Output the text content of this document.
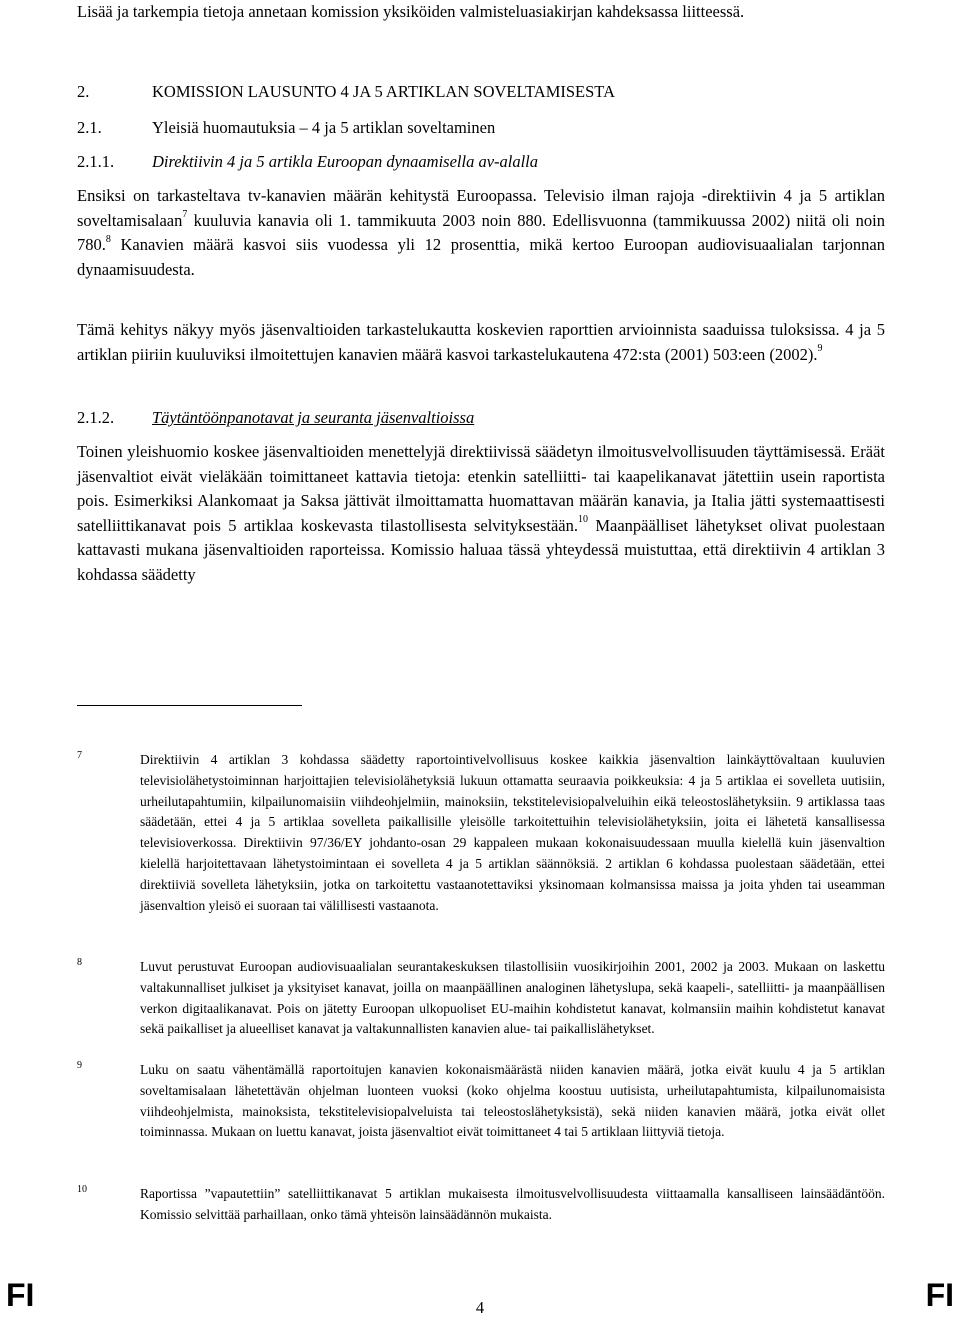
Lisää ja tarkempia tietoja annetaan komission yksiköiden valmisteluasiakirjan kahdeksassa liitteessä.
2.	KOMISSION LAUSUNTO 4 JA 5 ARTIKLAN SOVELTAMISESTA
2.1.	Yleisiä huomautuksia – 4 ja 5 artiklan soveltaminen
2.1.1. Direktiivin 4 ja 5 artikla Euroopan dynaamisella av-alalla
Ensiksi on tarkasteltava tv-kanavien määrän kehitystä Euroopassa. Televisio ilman rajoja -direktiivin 4 ja 5 artiklan soveltamisalaan$^7$ kuuluvia kanavia oli 1. tammikuuta 2003 noin 880. Edellisvuonna (tammikuussa 2002) niitä oli noin 780.$^8$ Kanavien määrä kasvoi siis vuodessa yli 12 prosenttia, mikä kertoo Euroopan audiovisuaalialan tarjonnan dynaamisuudesta.
Tämä kehitys näkyy myös jäsenvaltioiden tarkastelukautta koskevien raporttien arvioinnista saaduissa tuloksissa. 4 ja 5 artiklan piiriin kuuluviksi ilmoitettujen kanavien määrä kasvoi tarkastelukautena 472:sta (2001) 503:een (2002).$^9$
2.1.2. Täytäntöönpanotavat ja seuranta jäsenvaltioissa
Toinen yleishuomio koskee jäsenvaltioiden menettelyjä direktiivissä säädetyn ilmoitusvelvollisuuden täyttämisessä. Eräät jäsenvaltiot eivät vieläkään toimittaneet kattavia tietoja: etenkin satelliitti- tai kaapelikanavat jätettiin usein raportista pois. Esimerkiksi Alankomaat ja Saksa jättivät ilmoittamatta huomattavan määrän kanavia, ja Italia jätti systemaattisesti satelliittikanavat pois 5 artiklaa koskevasta tilastollisesta selvityksestään.$^{10}$ Maanpäälliset lähetykset olivat puolestaan kattavasti mukana jäsenvaltioiden raporteissa. Komissio haluaa tässä yhteydessä muistuttaa, että direktiivin 4 artiklan 3 kohdassa säädetty
7	Direktiivin 4 artiklan 3 kohdassa säädetty raportointivelvollisuus koskee kaikkia jäsenvaltion lainkäyttövaltaan kuuluvien televisiolähetystoiminnan harjoittajien televisiolähetyksiä lukuun ottamatta seuraavia poikkeuksia: 4 ja 5 artiklaa ei sovelleta uutisiin, urheilutapahtumiin, kilpailunomaisiin viihdeohjelmiin, mainoksiin, tekstitelevisiopalveluihin eikä teleostoslähetyksiin. 9 artiklassa taas säädetään, ettei 4 ja 5 artiklaa sovelleta paikallisille yleisölle tarkoitettuihin televisiolähetyksiin, joita ei lähetetä kansallisessa televisioverkossa. Direktiivin 97/36/EY johdanto-osan 29 kappaleen mukaan kokonaisuudessaan muulla kielellä kuin jäsenvaltion kielellä harjoitettavaan lähetystoimintaan ei sovelleta 4 ja 5 artiklan säännöksiä. 2 artiklan 6 kohdassa puolestaan säädetään, ettei direktiiviä sovelleta lähetyksiin, jotka on tarkoitettu vastaanotettaviksi yksinomaan kolmansissa maissa ja joita yhden tai useamman jäsenvaltion yleisö ei suoraan tai välillisesti vastaanota.
8	Luvut perustuvat Euroopan audiovisuaalialan seurantakeskuksen tilastollisiin vuosikirjoihin 2001, 2002 ja 2003. Mukaan on laskettu valtakunnalliset julkiset ja yksityiset kanavat, joilla on maanpäällinen analoginen lähetyslupa, sekä kaapeli-, satelliitti- ja maanpäällisen verkon digitaalikanavat. Pois on jätetty Euroopan ulkopuoliset EU-maihin kohdistetut kanavat, kolmansiin maihin kohdistetut kanavat sekä paikalliset ja alueelliset kanavat ja valtakunnallisten kanavien alue- tai paikallislähetykset.
9	Luku on saatu vähentämällä raportoitujen kanavien kokonaismäärästä niiden kanavien määrä, jotka eivät kuulu 4 ja 5 artiklan soveltamisalaan lähetettävän ohjelman luonteen vuoksi (koko ohjelma koostuu uutisista, urheilutapahtumista, kilpailunomaisista viihdeohjelmista, mainoksista, tekstitelevisiopalveluista tai teleostoslähetyksistä), sekä niiden kanavien määrä, jotka eivät ollet toiminnassa. Mukaan on luettu kanavat, joista jäsenvaltiot eivät toimittaneet 4 tai 5 artiklaan liittyviä tietoja.
10	Raportissa ”vapautettiin” satelliittikanavat 5 artiklan mukaisesta ilmoitusvelvollisuudesta viittaamalla kansalliseen lainsäädäntöön. Komissio selvittää parhaillaan, onko tämä yhteisön lainsäädännön mukaista.
FI	4	FI
